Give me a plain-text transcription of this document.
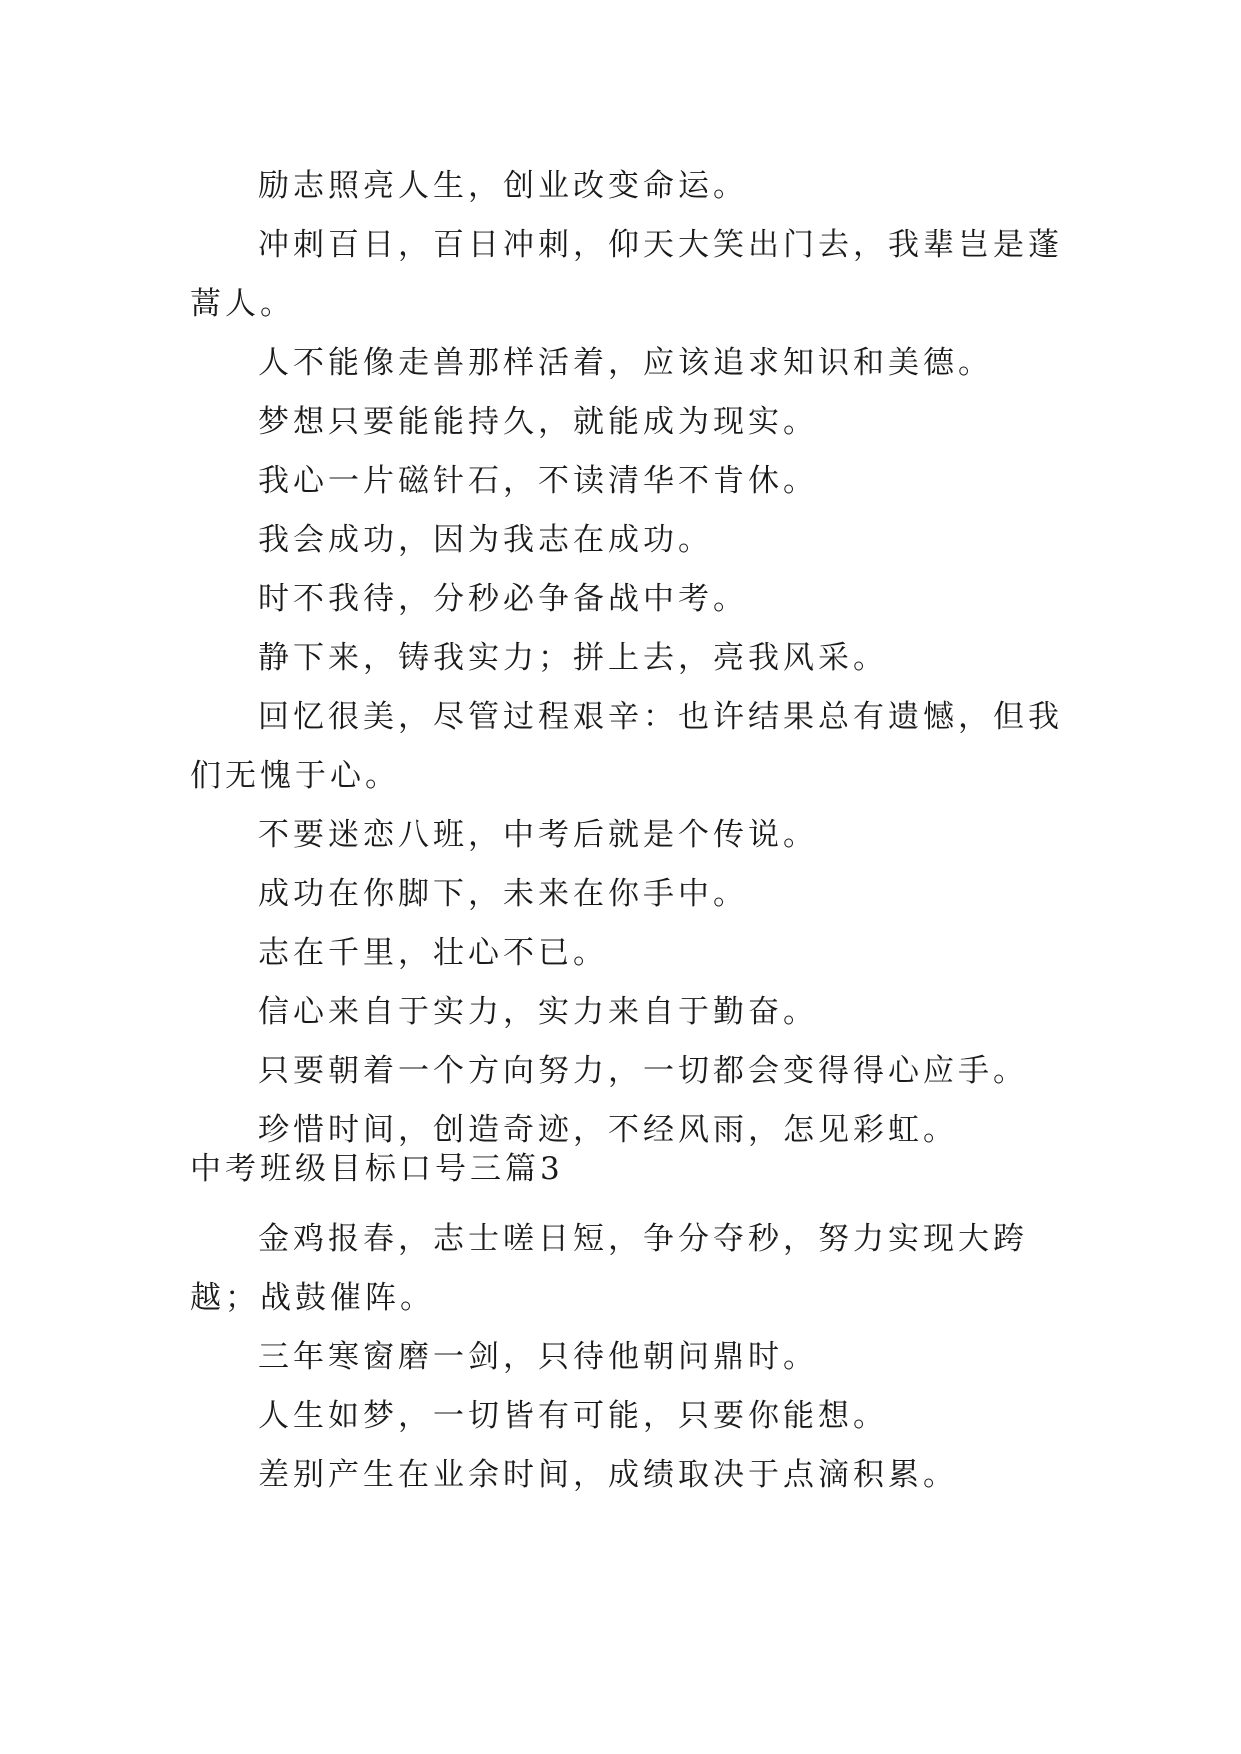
励志照亮人生，创业改变命运。

冲刺百日，百日冲刺，仰天大笑出门去，我辈岂是蓬蒿人。

人不能像走兽那样活着，应该追求知识和美德。

梦想只要能能持久，就能成为现实。

我心一片磁针石，不读清华不肯休。

我会成功，因为我志在成功。

时不我待，分秒必争备战中考。

静下来，铸我实力；拼上去，亮我风采。

回忆很美，尽管过程艰辛：也许结果总有遗憾，但我们无愧于心。

不要迷恋八班，中考后就是个传说。

成功在你脚下，未来在你手中。

志在千里，壮心不已。

信心来自于实力，实力来自于勤奋。

只要朝着一个方向努力，一切都会变得得心应手。

珍惜时间，创造奇迹，不经风雨，怎见彩虹。

中考班级目标口号三篇3

金鸡报春，志士嗟日短，争分夺秒，努力实现大跨越；战鼓催阵。

三年寒窗磨一剑，只待他朝问鼎时。

人生如梦，一切皆有可能，只要你能想。

差别产生在业余时间，成绩取决于点滴积累。
